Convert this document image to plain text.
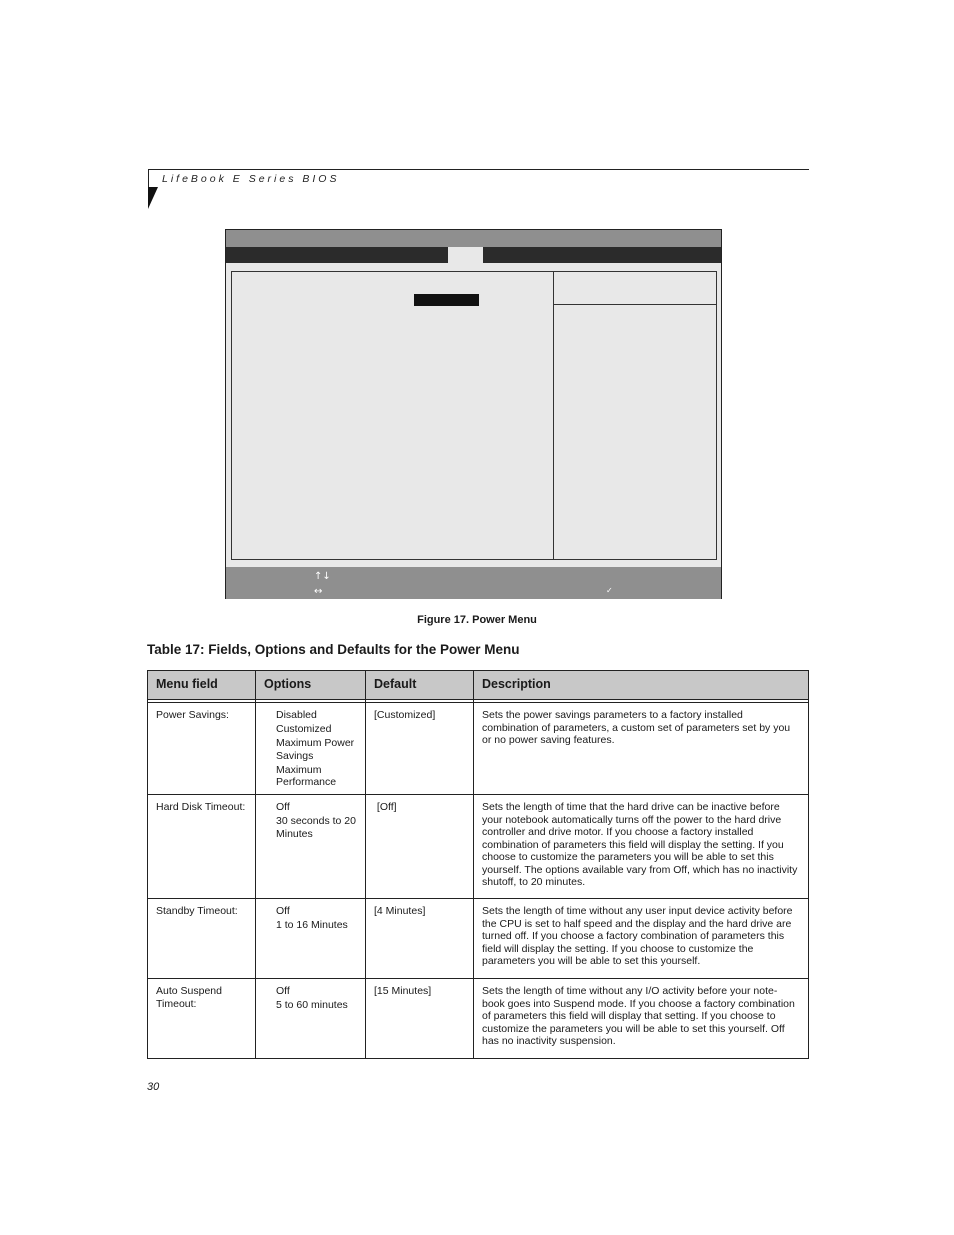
LifeBook E Series BIOS
↑↓
↔	✓
Figure 17. Power Menu
Table 17: Fields, Options and Defaults for the Power Menu
Menu field	Options	Default	Description

Power Savings:	Disabled
Customized
Maximum Power Savings
Maximum Performance	[Customized]	Sets the power savings parameters to a factory installed combination of parameters, a custom set of parameters set by you or no power saving features.
Hard Disk Timeout:	Off
30 seconds to 20 Minutes	[Off]	Sets the length of time that the hard drive can be inactive before your notebook automatically turns off the power to the hard drive controller and drive motor. If you choose a factory installed combination of parameters this field will display the setting. If you choose to customize the parameters you will be able to set this yourself. The options available vary from Off, which has no inactivity shutoff, to 20 minutes.
Standby Timeout:	Off
1 to 16 Minutes	[4 Minutes]	Sets the length of time without any user input device activity before the CPU is set to half speed and the display and the hard drive are turned off. If you choose a factory combination of parameters this field will display the setting. If you choose to customize the parameters you will be able to set this yourself.
Auto Suspend Timeout:	Off
5 to 60 minutes	[15 Minutes]	Sets the length of time without any I/O activity before your note-book goes into Suspend mode. If you choose a factory combination of parameters this field will display that setting. If you choose to customize the parameters you will be able to set this yourself. Off has no inactivity suspension.
30
